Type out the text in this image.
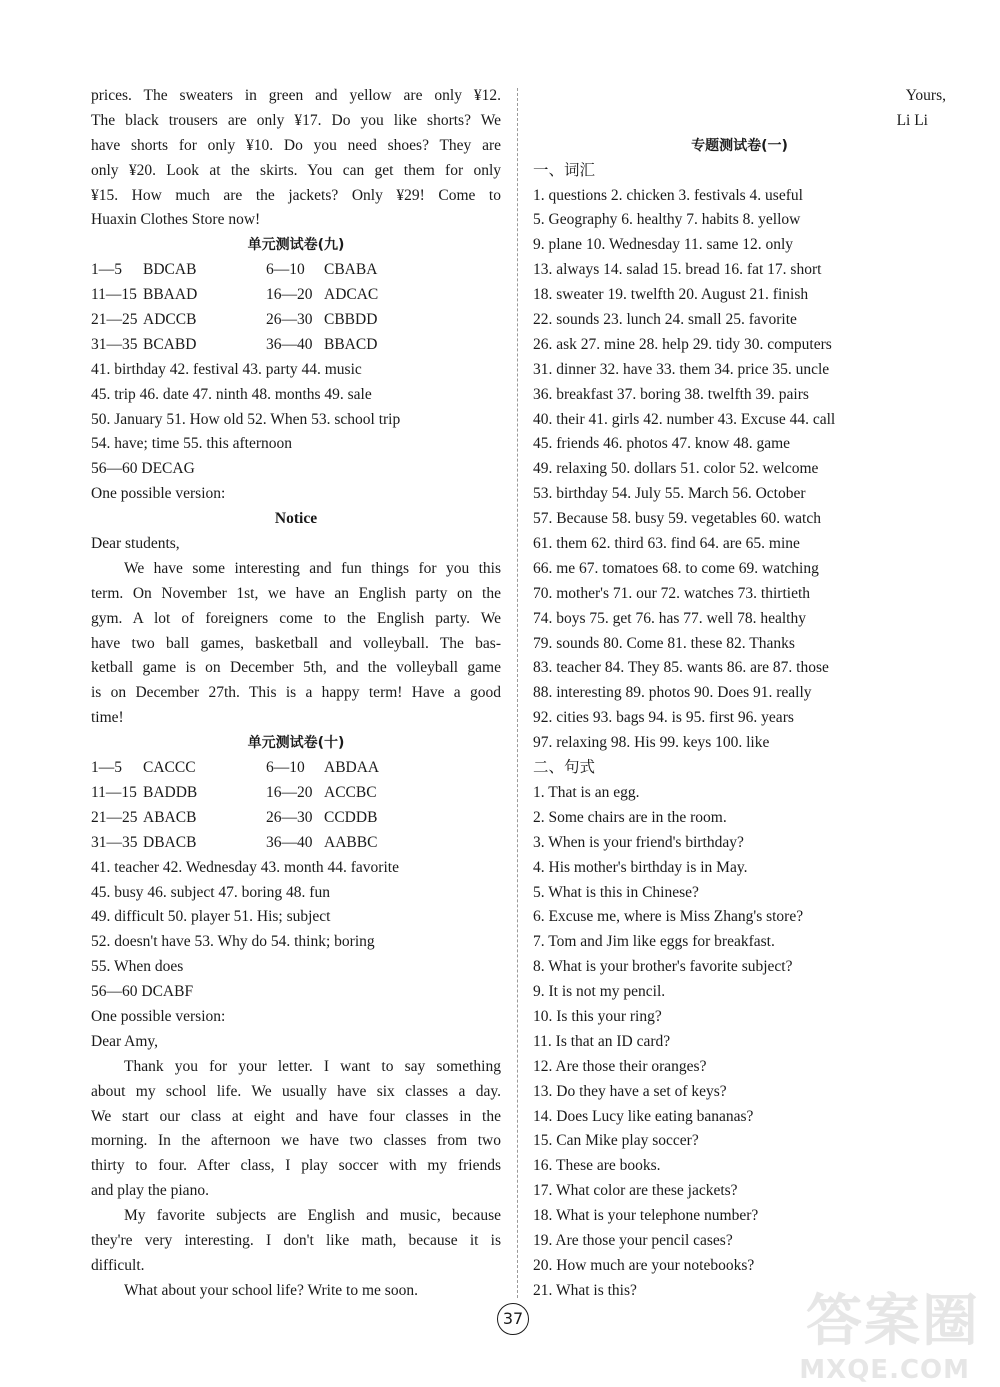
prices. The sweaters in green and yellow are only ¥12.
The black trousers are only ¥17. Do you like shorts? We
have shorts for only ¥10. Do you need shoes? They are
only ¥20. Look at the skirts. You can get them for only
¥15. How much are the jackets? Only ¥29! Come to
Huaxin Clothes Store now!
单元测试卷(九)
1—5 BDCAB	6—10 CBABA
11—15 BBAAD	16—20 ADCAC
21—25 ADCCB	26—30 CBBDD
31—35 BCABD	36—40 BBACD
41. birthday 42. festival 43. party 44. music
45. trip 46. date 47. ninth 48. months 49. sale
50. January 51. How old 52. When 53. school trip
54. have; time 55. this afternoon
56—60 DECAG
One possible version:
Notice
Dear students,
We have some interesting and fun things for you this
term. On November 1st, we have an English party on the
gym. A lot of foreigners come to the English party. We
have two ball games, basketball and volleyball. The bas-
ketball game is on December 5th, and the volleyball game
is on December 27th. This is a happy term! Have a good
time!
单元测试卷(十)
1—5 CACCC	6—10 ABDAA
11—15 BADDB	16—20 ACCBC
21—25 ABACB	26—30 CCDDB
31—35 DBACB	36—40 AABBC
41. teacher 42. Wednesday 43. month 44. favorite
45. busy 46. subject 47. boring 48. fun
49. difficult 50. player 51. His; subject
52. doesn't have 53. Why do 54. think; boring
55. When does
56—60 DCABF
One possible version:
Dear Amy,
Thank you for your letter. I want to say something
about my school life. We usually have six classes a day.
We start our class at eight and have four classes in the
morning. In the afternoon we have two classes from two
thirty to four. After class, I play soccer with my friends
and play the piano.
My favorite subjects are English and music, because
they're very interesting. I don't like math, because it is
difficult.
What about your school life? Write to me soon.
Yours,
Li Li
专题测试卷(一)
一、词汇
1. questions 2. chicken 3. festivals 4. useful
5. Geography 6. healthy 7. habits 8. yellow
9. plane 10. Wednesday 11. same 12. only
13. always 14. salad 15. bread 16. fat 17. short
18. sweater 19. twelfth 20. August 21. finish
22. sounds 23. lunch 24. small 25. favorite
26. ask 27. mine 28. help 29. tidy 30. computers
31. dinner 32. have 33. them 34. price 35. uncle
36. breakfast 37. boring 38. twelfth 39. pairs
40. their 41. girls 42. number 43. Excuse 44. call
45. friends 46. photos 47. know 48. game
49. relaxing 50. dollars 51. color 52. welcome
53. birthday 54. July 55. March 56. October
57. Because 58. busy 59. vegetables 60. watch
61. them 62. third 63. find 64. are 65. mine
66. me 67. tomatoes 68. to come 69. watching
70. mother's 71. our 72. watches 73. thirtieth
74. boys 75. get 76. has 77. well 78. healthy
79. sounds 80. Come 81. these 82. Thanks
83. teacher 84. They 85. wants 86. are 87. those
88. interesting 89. photos 90. Does 91. really
92. cities 93. bags 94. is 95. first 96. years
97. relaxing 98. His 99. keys 100. like
二、句式
1. That is an egg.
2. Some chairs are in the room.
3. When is your friend's birthday?
4. His mother's birthday is in May.
5. What is this in Chinese?
6. Excuse me, where is Miss Zhang's store?
7. Tom and Jim like eggs for breakfast.
8. What is your brother's favorite subject?
9. It is not my pencil.
10. Is this your ring?
11. Is that an ID card?
12. Are those their oranges?
13. Do they have a set of keys?
14. Does Lucy like eating bananas?
15. Can Mike play soccer?
16. These are books.
17. What color are these jackets?
18. What is your telephone number?
19. Are those your pencil cases?
20. How much are your notebooks?
21. What is this?
37	答案圈
MXQE.COM
